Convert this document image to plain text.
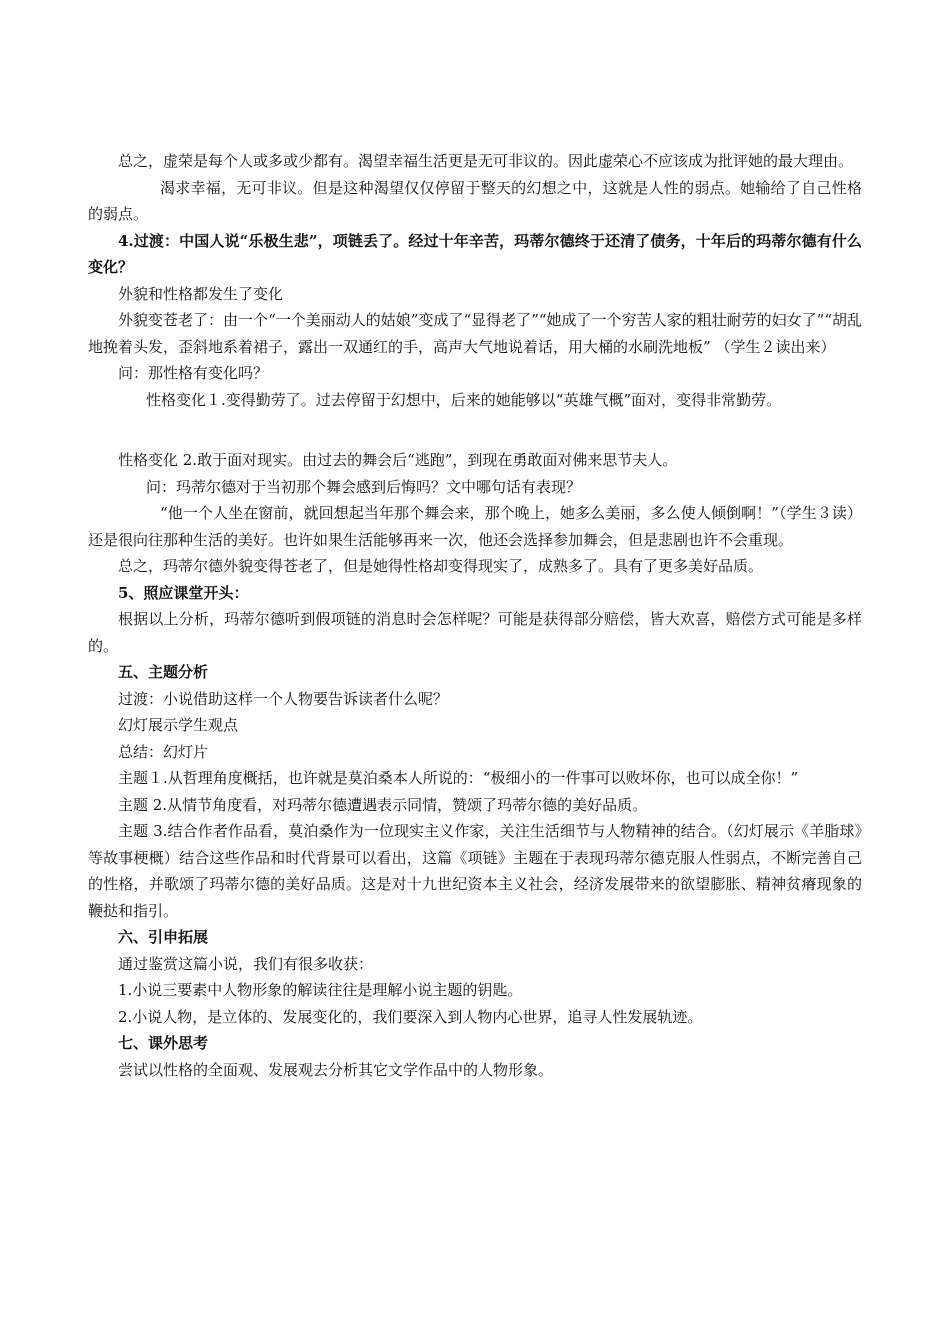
总之，虚荣是每个人或多或少都有。渴望幸福生活更是无可非议的。因此虚荣心不应该成为批评她的最大理由。

渴求幸福，无可非议。但是这种渴望仅仅停留于整天的幻想之中，这就是人性的弱点。她输给了自己性格的弱点。

4.过渡：中国人说“乐极生悲”，项链丢了。经过十年辛苦，玛蒂尔德终于还清了债务，十年后的玛蒂尔德有什么变化？

外貌和性格都发生了变化

外貌变苍老了：由一个“一个美丽动人的姑娘”变成了“显得老了”“她成了一个穷苦人家的粗壮耐劳的妇女了”“胡乱地挽着头发，歪斜地系着裙子，露出一双通红的手，高声大气地说着话，用大桶的水刷洗地板” （学生２读出来）

问：那性格有变化吗？

性格变化１.变得勤劳了。过去停留于幻想中，后来的她能够以“英雄气概”面对，变得非常勤劳。

性格变化 2.敢于面对现实。由过去的舞会后“逃跑”，到现在勇敢面对佛来思节夫人。

问：玛蒂尔德对于当初那个舞会感到后悔吗？文中哪句话有表现？

“他一个人坐在窗前，就回想起当年那个舞会来，那个晚上，她多么美丽，多么使人倾倒啊！”（学生３读）还是很向往那种生活的美好。也许如果生活能够再来一次，他还会选择参加舞会，但是悲剧也许不会重现。

总之，玛蒂尔德外貌变得苍老了，但是她得性格却变得现实了，成熟多了。具有了更多美好品质。

5、照应课堂开头：

根据以上分析，玛蒂尔德听到假项链的消息时会怎样呢？可能是获得部分赔偿，皆大欢喜，赔偿方式可能是多样的。

五、主题分析

过渡：小说借助这样一个人物要告诉读者什么呢？

幻灯展示学生观点

总结：幻灯片

主题１.从哲理角度概括，也许就是莫泊桑本人所说的：“极细小的一件事可以败坏你，也可以成全你！”

主题 2.从情节角度看，对玛蒂尔德遭遇表示同情，赞颂了玛蒂尔德的美好品质。

主题 3.结合作者作品看，莫泊桑作为一位现实主义作家，关注生活细节与人物精神的结合。（幻灯展示《羊脂球》等故事梗概）结合这些作品和时代背景可以看出，这篇《项链》主题在于表现玛蒂尔德克服人性弱点，不断完善自己的性格，并歌颂了玛蒂尔德的美好品质。这是对十九世纪资本主义社会，经济发展带来的欲望膨胀、精神贫瘠现象的鞭挞和指引。

六、引申拓展

通过鉴赏这篇小说，我们有很多收获：

1.小说三要素中人物形象的解读往往是理解小说主题的钥匙。

2.小说人物，是立体的、发展变化的，我们要深入到人物内心世界，追寻人性发展轨迹。

七、课外思考

尝试以性格的全面观、发展观去分析其它文学作品中的人物形象。
